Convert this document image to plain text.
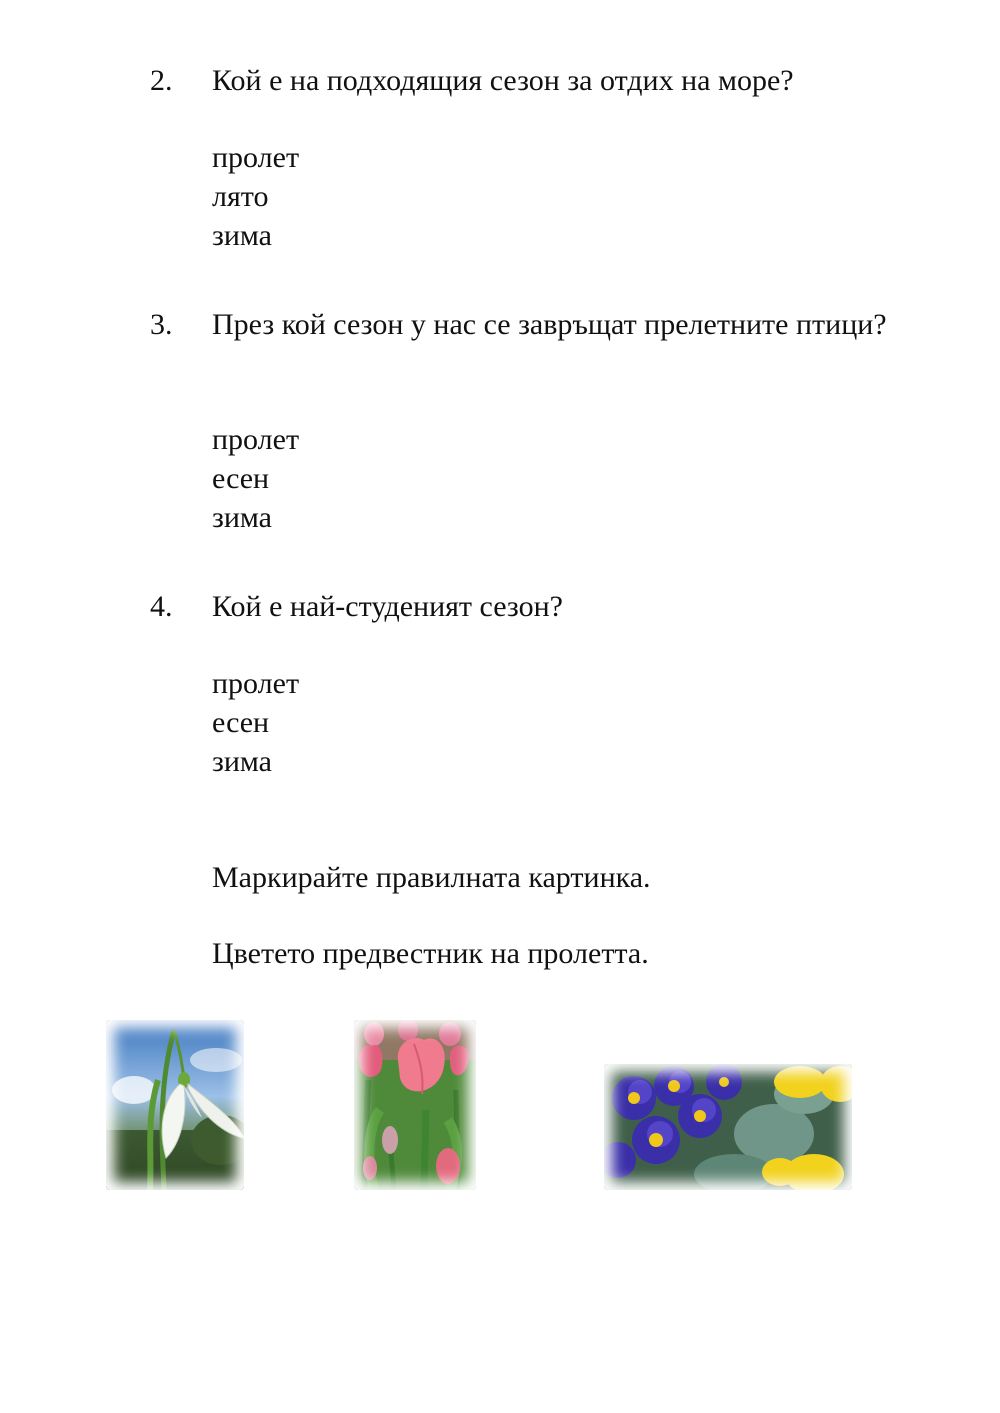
2. Кой е на подходящия сезон за отдих на море?
пролет
лято
зима
3. През кой сезон у нас се завръщат прелетните птици?
пролет
есен
зима
4. Кой е най-студеният сезон?
пролет
есен
зима
Маркирайте правилната картинка.
Цветето предвестник на пролетта.
